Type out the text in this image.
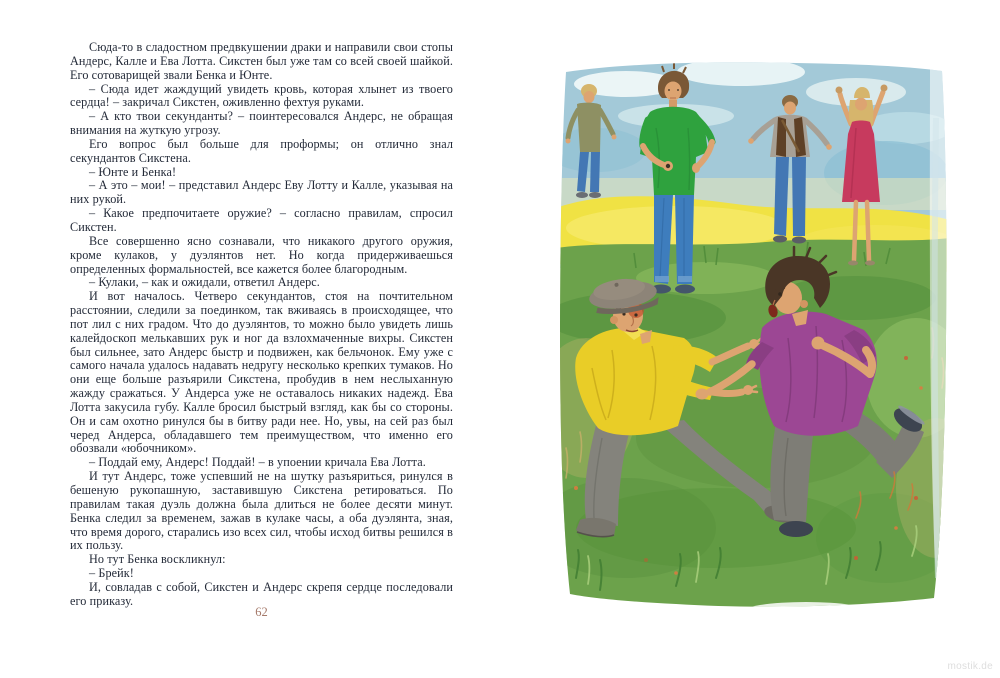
Сюда-то в сладостном предвкушении драки и направили свои стопы Андерс, Калле и Ева Лотта. Сикстен был уже там со всей своей шайкой. Его сотоварищей звали Бенка и Юнте.

– Сюда идет жаждущий увидеть кровь, которая хлынет из твоего сердца! – закричал Сикстен, оживленно фехтуя руками.

– А кто твои секунданты? – поинтересовался Андерс, не обращая внимания на жуткую угрозу.

Его вопрос был больше для проформы; он отлично знал секундантов Сикстена.

– Юнте и Бенка!

– А это – мои! – представил Андерс Еву Лотту и Калле, указывая на них рукой.

– Какое предпочитаете оружие? – согласно правилам, спросил Сикстен.

Все совершенно ясно сознавали, что никакого другого оружия, кроме кулаков, у дуэлянтов нет. Но когда придерживаешься определенных формальностей, все кажется более благородным.

– Кулаки, – как и ожидали, ответил Андерс.

И вот началось. Четверо секундантов, стоя на почтительном расстоянии, следили за поединком, так вживаясь в происходящее, что пот лил с них градом. Что до дуэлянтов, то можно было увидеть лишь калейдоскоп мелькавших рук и ног да взлохмаченные вихры. Сикстен был сильнее, зато Андерс быстр и подвижен, как бельчонок. Ему уже с самого начала удалось надавать недругу несколько крепких тумаков. Но они еще больше разъярили Сикстена, пробудив в нем неслыханную жажду сражаться. У Андерса уже не оставалось никаких надежд. Ева Лотта закусила губу. Калле бросил быстрый взгляд, как бы со стороны. Он и сам охотно ринулся бы в битву ради нее. Но, увы, на сей раз был черед Андерса, обладавшего тем преимуществом, что именно его обозвали «юбочником».

– Поддай ему, Андерс! Поддай! – в упоении кричала Ева Лотта.

И тут Андерс, тоже успевший не на шутку разъяриться, ринулся в бешеную рукопашную, заставившую Сикстена ретироваться. По правилам такая дуэль должна была длиться не более десяти минут. Бенка следил за временем, зажав в кулаке часы, а оба дуэлянта, зная, что время дорого, старались изо всех сил, чтобы исход битвы решился в их пользу.

Но тут Бенка воскликнул:

– Брейк!

И, совладав с собой, Сикстен и Андерс скрепя сердце последовали его приказу.

62
mostik.de
